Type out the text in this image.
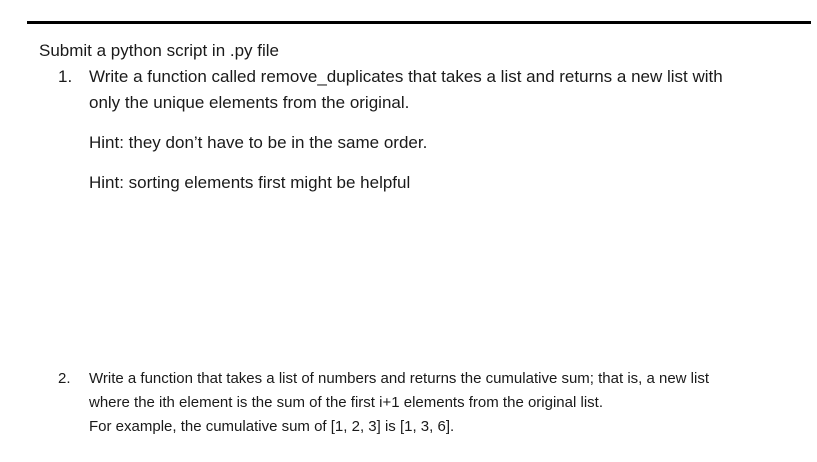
Submit a python script in .py file
1. Write a function called remove_duplicates that takes a list and returns a new list with
only the unique elements from the original.
Hint: they don’t have to be in the same order.
Hint: sorting elements first might be helpful
2. Write a function that takes a list of numbers and returns the cumulative sum; that is, a new list
where the ith element is the sum of the first i+1 elements from the original list.
For example, the cumulative sum of [1, 2, 3] is [1, 3, 6].
